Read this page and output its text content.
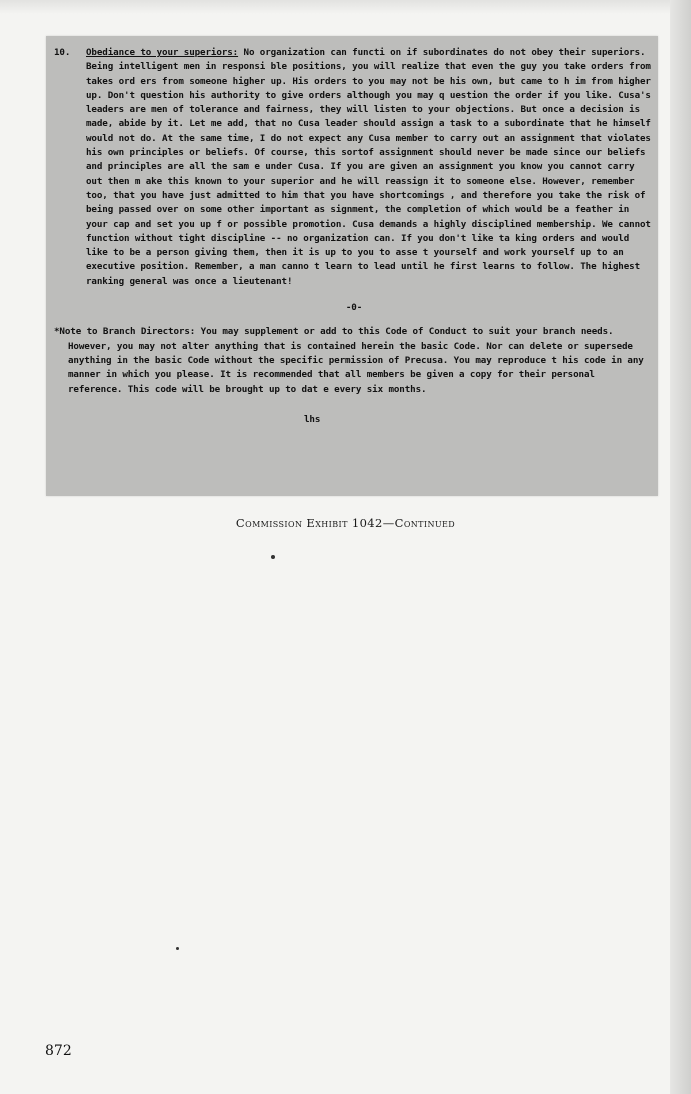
10. Obediance to your superiors: No organization can functi on if subordinates do not obey their superiors. Being intelligent men in responsi ble positions, you will realize that even the guy you take orders from takes ord ers from someone higher up. His orders to you may not be his own, but came to h im from higher up. Don't question his authority to give orders although you may q uestion the order if you like. Cusa's leaders are men of tolerance and fairness, they will listen to your objections. But once a decision is made, abide by it. Let me add, that no Cusa leader should assign a task to a subordinate that he himself would not do. At the same time, I do not expect any Cusa member to carry out an assignment that violates his own principles or beliefs. Of course, this sortof assignment should never be made since our beliefs and principles are all the sam e under Cusa. If you are given an assignment you know you cannot carry out then m ake this known to your superior and he will reassign it to someone else. However, remember too, that you have just admitted to him that you have shortcomings , and therefore you take the risk of being passed over on some other important as signment, the completion of which would be a feather in your cap and set you up f or possible promotion. Cusa demands a highly disciplined membership. We cannot function without tight discipline -- no organization can. If you don't like ta king orders and would like to be a person giving them, then it is up to you to asse t yourself and work yourself up to an executive position. Remember, a man canno t learn to lead until he first learns to follow. The highest ranking general was once a lieutenant!

-0-

*Note to Branch Directors: You may supplement or add to this Code of Conduct to suit your branch needs. However, you may not alter anything that is contained herein the basic Code. Nor can delete or supersede anything in the basic Code without the specific permission of Precusa. You may reproduce t his code in any manner in which you please. It is recommended that all members be given a copy for their personal reference. This code will be brought up to dat e every six months.

lhs
Commission Exhibit 1042—Continued
872
